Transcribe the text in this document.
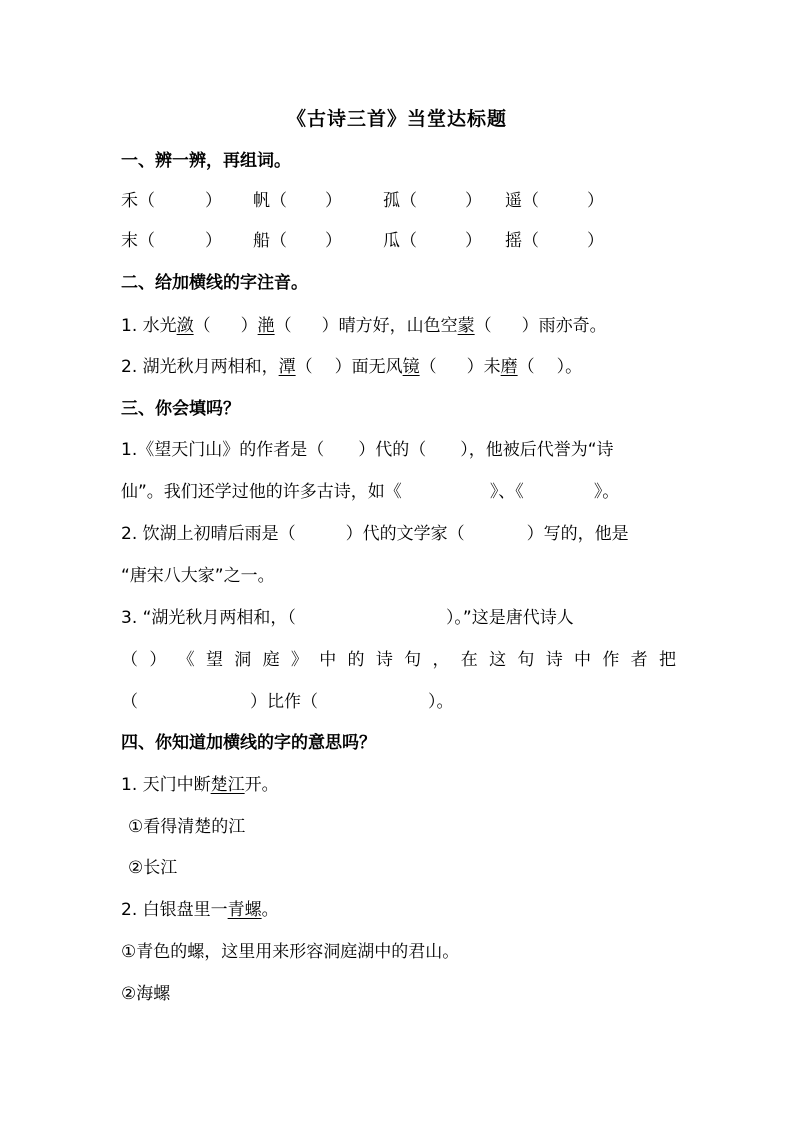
《古诗三首》当堂达标题
一、辨一辨，再组词。
禾（	） 帆（ ） 孤（	） 遥（	）
末（	） 船（ ） 瓜（	） 摇（	）
二、给加横线的字注音。
1. 水光潋（ ）滟（ ）晴方好，山色空蒙（ ）雨亦奇。
2. 湖光秋月两相和，潭（ ）面无风镜（ ）未磨（ ）。
三、你会填吗？
1.《望天门山》的作者是（　　）代的（　　），他被后代誉为“诗
仙”。我们还学过他的许多古诗，如《	》、《	》。
2. 饮湖上初晴后雨是（	）代的文学家（	）写的，他是
“唐宋八大家”之一。
3. “湖光秋月两相和，（	）。”这是唐代诗人
（ ） 《 望 洞 庭 》 中 的 诗 句 ， 在 这 句 诗 中 作 者 把
（	）比作（	）。
四、你知道加横线的字的意思吗？
1. 天门中断楚江开。
①看得清楚的江
②长江
2. 白银盘里一青螺。
①青色的螺，这里用来形容洞庭湖中的君山。
②海螺
